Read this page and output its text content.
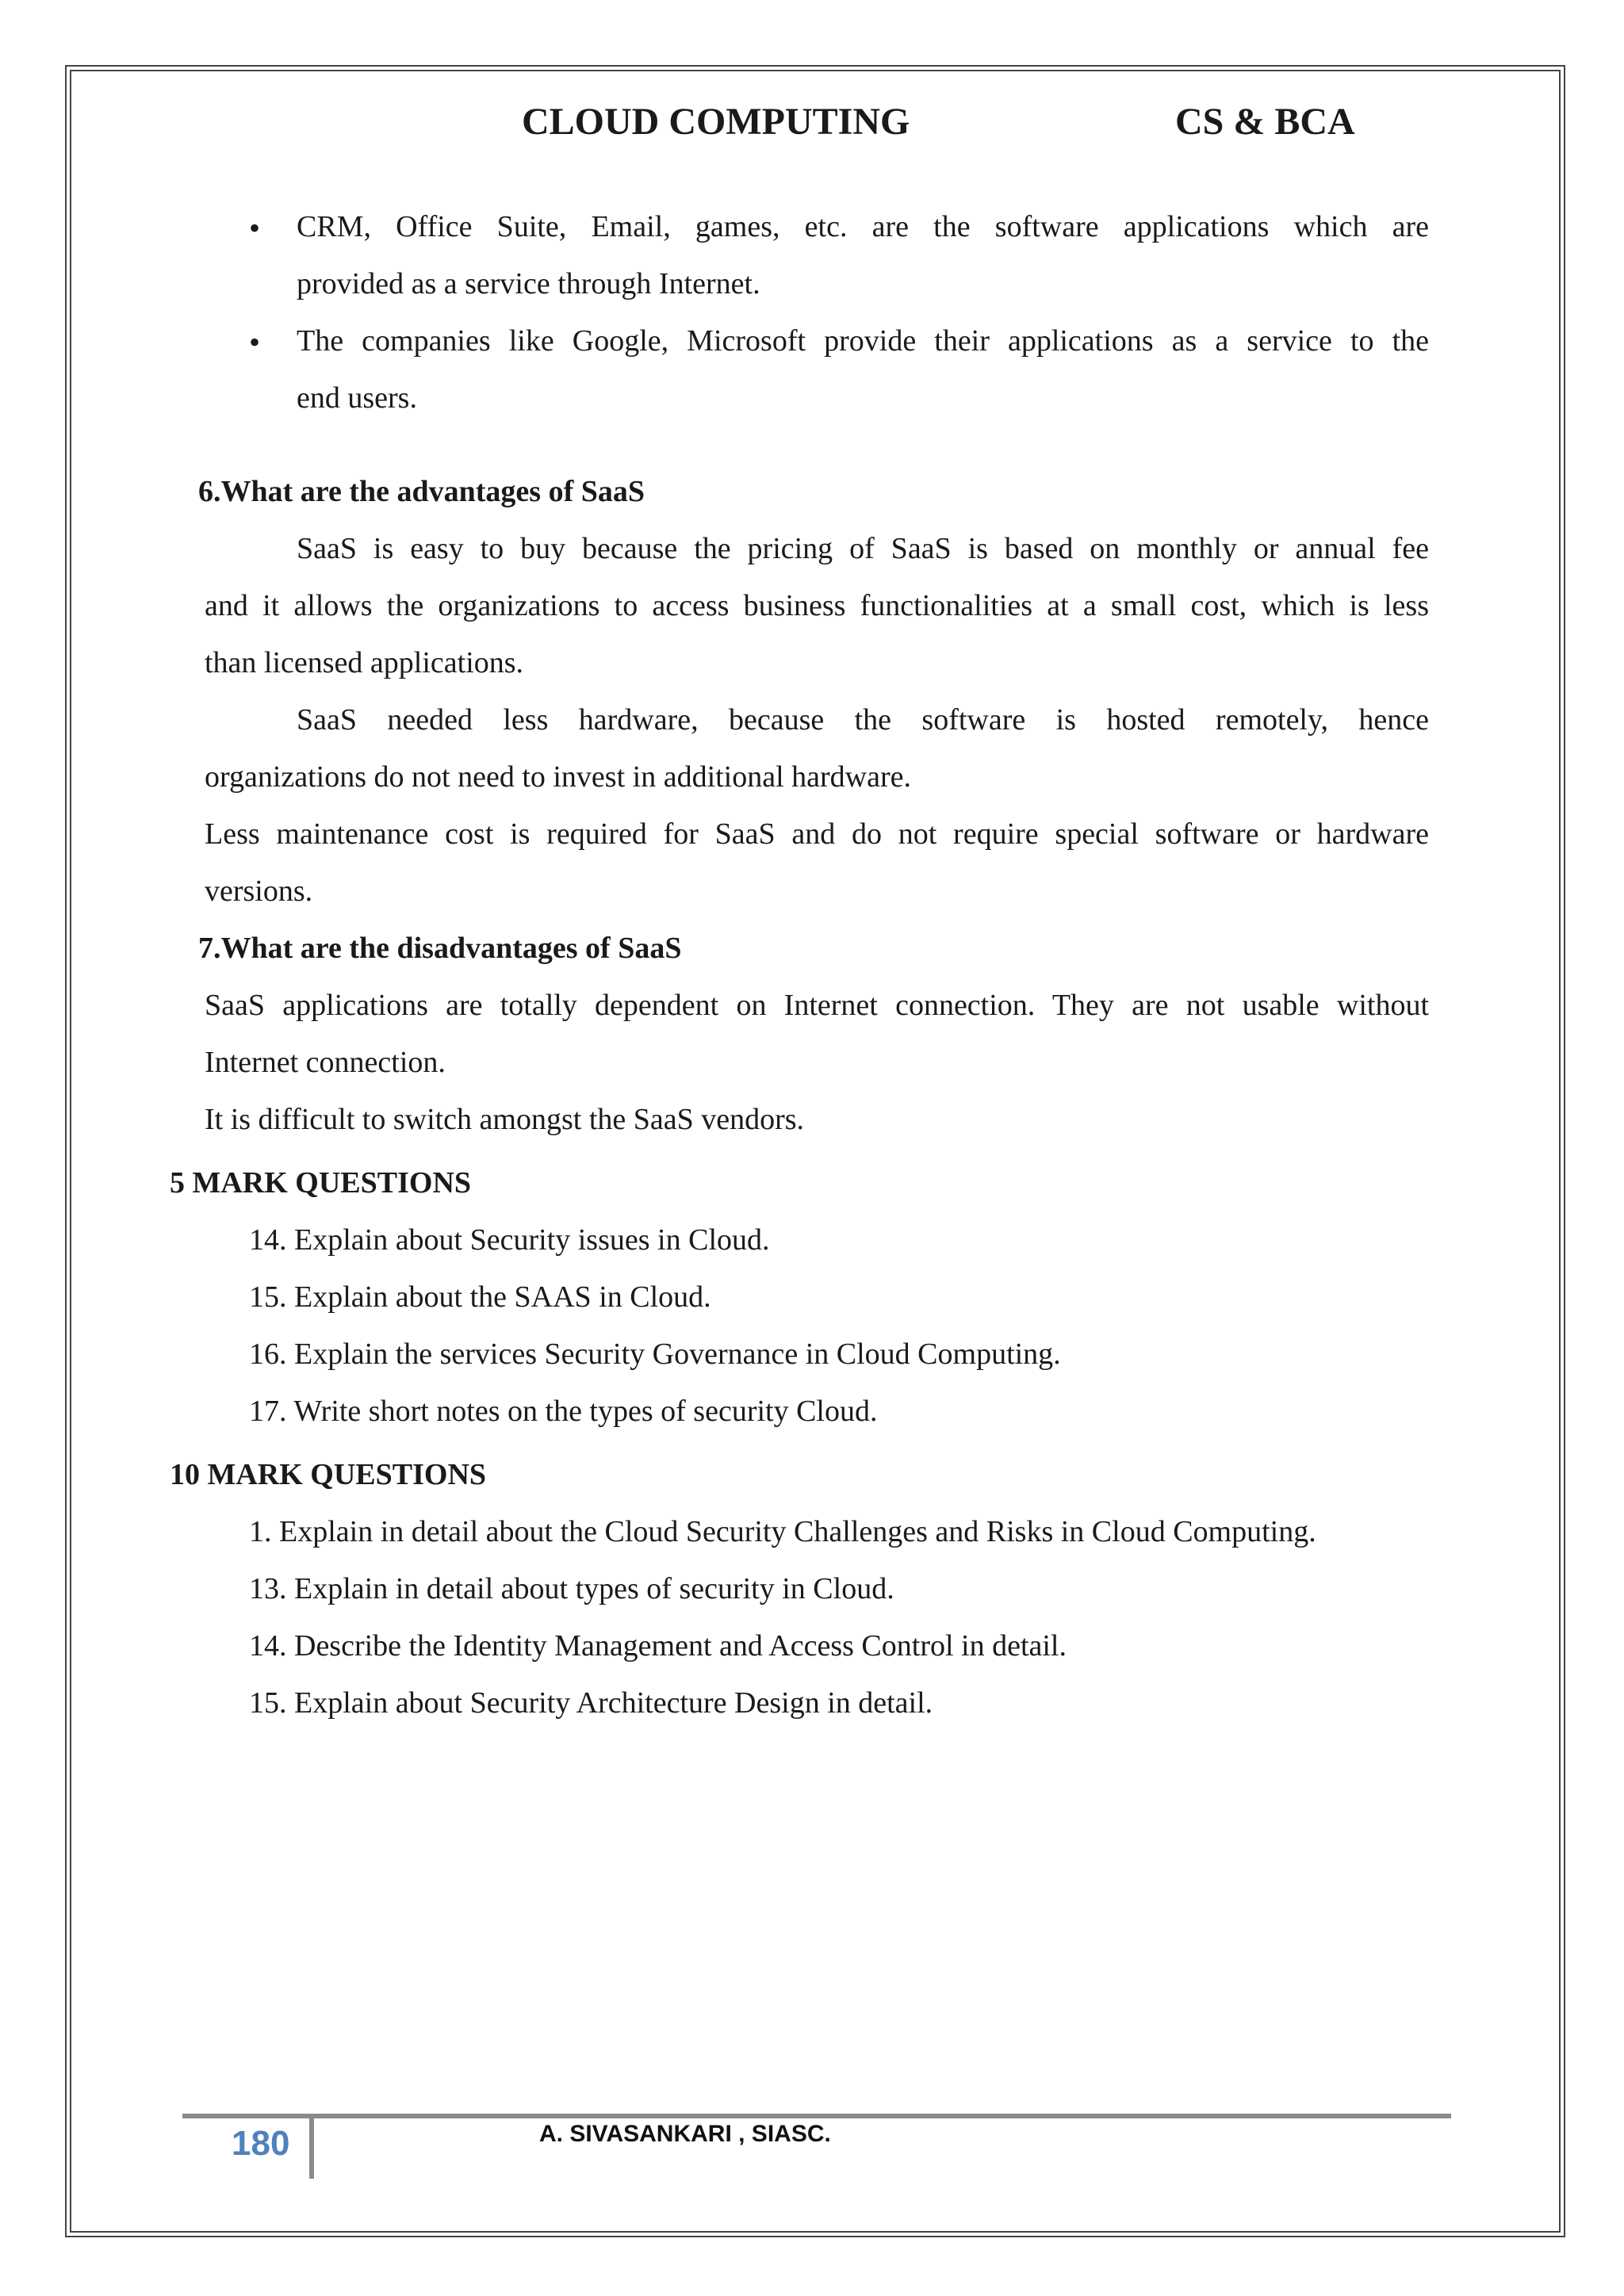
CLOUD COMPUTING	CS & BCA
• CRM, Office Suite, Email, games, etc. are the software applications which are
provided as a service through Internet.
• The companies like Google, Microsoft provide their applications as a service to the
end users.
6.What are the advantages of SaaS
SaaS is easy to buy because the pricing of SaaS is based on monthly or annual fee
and it allows the organizations to access business functionalities at a small cost, which is less
than licensed applications.
SaaS needed less hardware, because the software is hosted remotely, hence
organizations do not need to invest in additional hardware.
Less maintenance cost is required for SaaS and do not require special software or hardware
versions.
7.What are the disadvantages of SaaS
SaaS applications are totally dependent on Internet connection. They are not usable without
Internet connection.
It is difficult to switch amongst the SaaS vendors.
5 MARK QUESTIONS
14. Explain about Security issues in Cloud.
15. Explain about the SAAS in Cloud.
16. Explain the services Security Governance in Cloud Computing.
17. Write short notes on the types of security Cloud.
10 MARK QUESTIONS
1. Explain in detail about the Cloud Security Challenges and Risks in Cloud Computing.
13. Explain in detail about types of security in Cloud.
14. Describe the Identity Management and Access Control in detail.
15. Explain about Security Architecture Design in detail.
180	A. SIVASANKARI , SIASC.
